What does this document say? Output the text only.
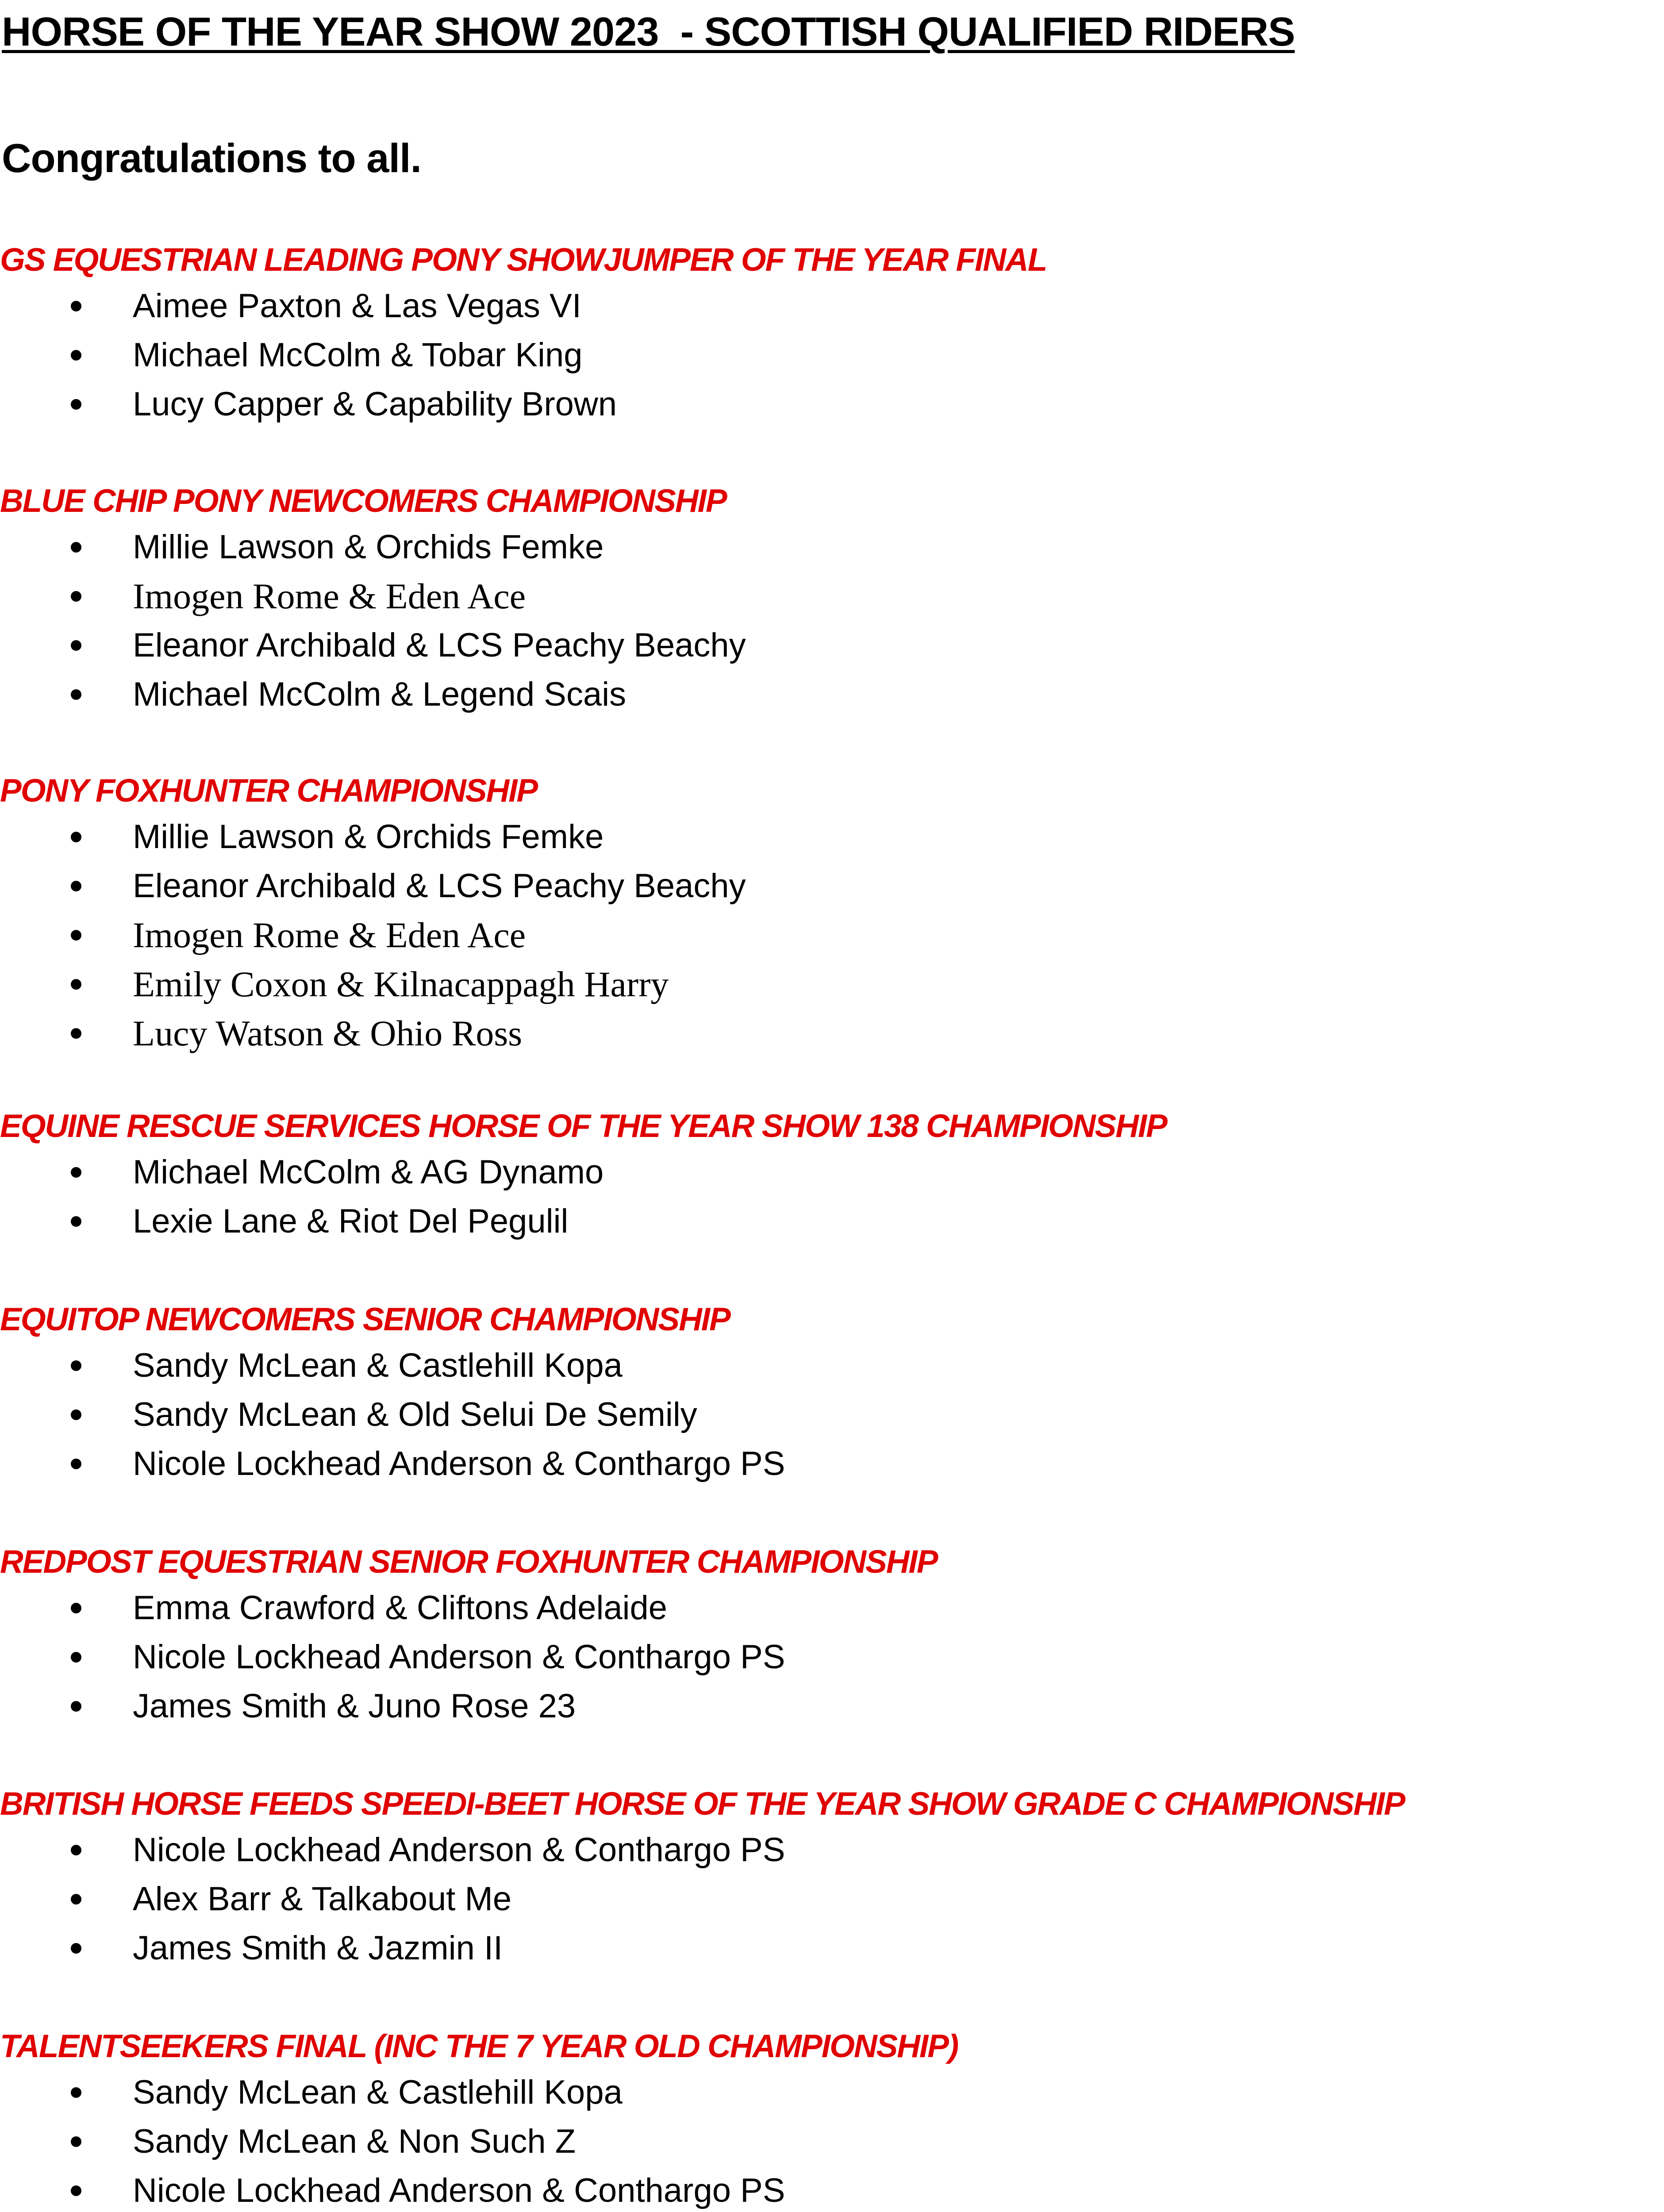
HORSE OF THE YEAR SHOW 2023  - SCOTTISH QUALIFIED RIDERS
Congratulations to all.
GS EQUESTRIAN LEADING PONY SHOWJUMPER OF THE YEAR FINAL
Aimee Paxton & Las Vegas VI
Michael McColm & Tobar King
Lucy Capper & Capability Brown
BLUE CHIP PONY NEWCOMERS CHAMPIONSHIP
Millie Lawson & Orchids Femke
Imogen Rome & Eden Ace
Eleanor Archibald & LCS Peachy Beachy
Michael McColm & Legend Scais
PONY FOXHUNTER CHAMPIONSHIP
Millie Lawson & Orchids Femke
Eleanor Archibald & LCS Peachy Beachy
Imogen Rome & Eden Ace
Emily Coxon & Kilnacappagh Harry
Lucy Watson & Ohio Ross
EQUINE RESCUE SERVICES HORSE OF THE YEAR SHOW 138 CHAMPIONSHIP
Michael McColm & AG Dynamo
Lexie Lane & Riot Del Pegulil
EQUITOP NEWCOMERS SENIOR CHAMPIONSHIP
Sandy McLean & Castlehill Kopa
Sandy McLean & Old Selui De Semily
Nicole Lockhead Anderson & Conthargo PS
REDPOST EQUESTRIAN SENIOR FOXHUNTER CHAMPIONSHIP
Emma Crawford & Cliftons Adelaide
Nicole Lockhead Anderson & Conthargo PS
James Smith & Juno Rose 23
BRITISH HORSE FEEDS SPEEDI-BEET HORSE OF THE YEAR SHOW GRADE C CHAMPIONSHIP
Nicole Lockhead Anderson & Conthargo PS
Alex Barr & Talkabout Me
James Smith & Jazmin II
TALENTSEEKERS FINAL (INC THE 7 YEAR OLD CHAMPIONSHIP)
Sandy McLean & Castlehill Kopa
Sandy McLean & Non Such Z
Nicole Lockhead Anderson & Conthargo PS
